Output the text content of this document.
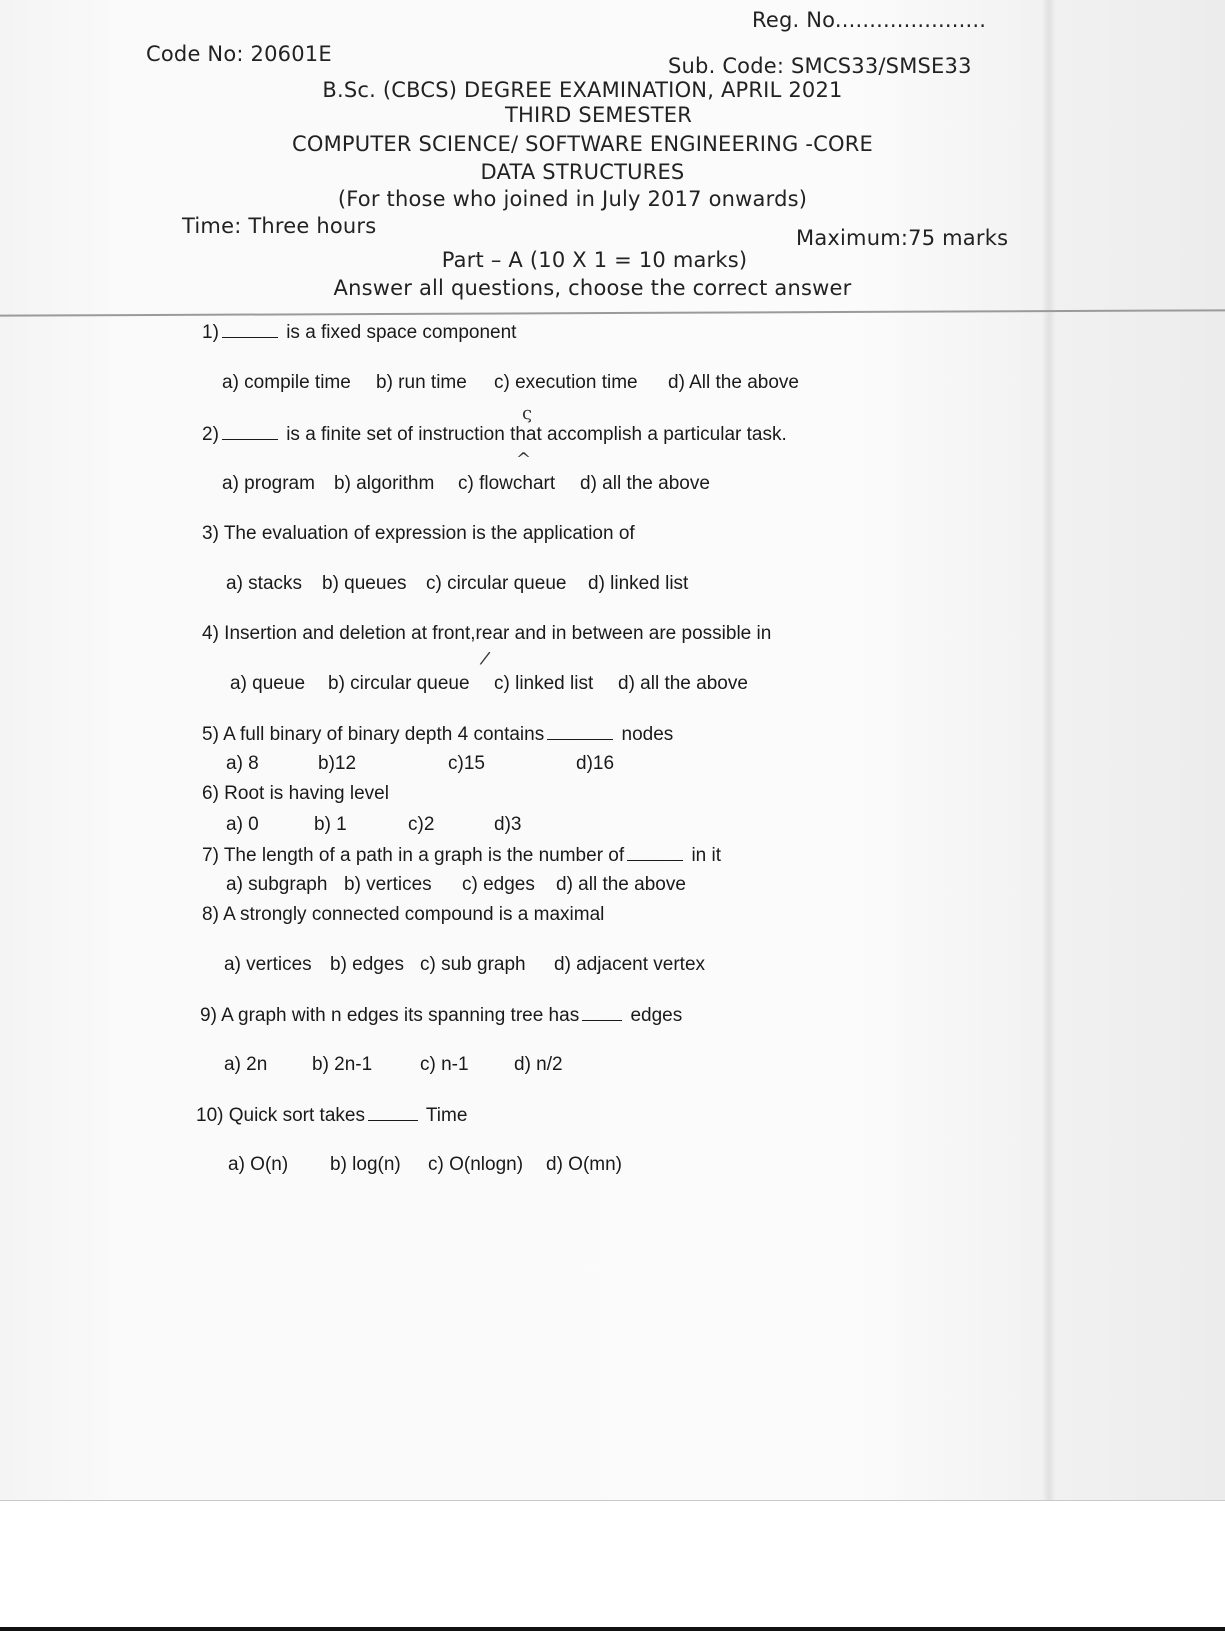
Reg. No......................
Code No: 20601E	Sub. Code: SMCS33/SMSE33
B.Sc. (CBCS) DEGREE EXAMINATION, APRIL 2021
THIRD SEMESTER
COMPUTER SCIENCE/ SOFTWARE ENGINEERING -CORE
DATA STRUCTURES
(For those who joined in July 2017 onwards)
Time: Three hours	Maximum:75 marks
Part – A (10 X 1 = 10 marks)
Answer all questions, choose the correct answer
1)	is a fixed space component
a) compile time b) run time c) execution time d) All the above
2)	is a finite set of instruction that accomplish a particular task.
ς
^
a) program b) algorithm c) flowchart d) all the above
3) The evaluation of expression is the application of
a) stacks b) queues c) circular queue d) linked list
4) Insertion and deletion at front,rear and in between are possible in
/
a) queue b) circular queue c) linked list d) all the above
5) A full binary of binary depth 4 contains	nodes
a) 8	b)12	c)15	d)16
6) Root is having level
a) 0	b) 1	c)2	d)3
7) The length of a path in a graph is the number of	in it
a) subgraph b) vertices c) edges d) all the above
8) A strongly connected compound is a maximal
a) vertices b) edges c) sub graph d) adjacent vertex
9) A graph with n edges its spanning tree has	edges
a) 2n b) 2n-1	c) n-1 d) n/2
10) Quick sort takes	Time
a) O(n) b) log(n) c) O(nlogn) d) O(mn)
